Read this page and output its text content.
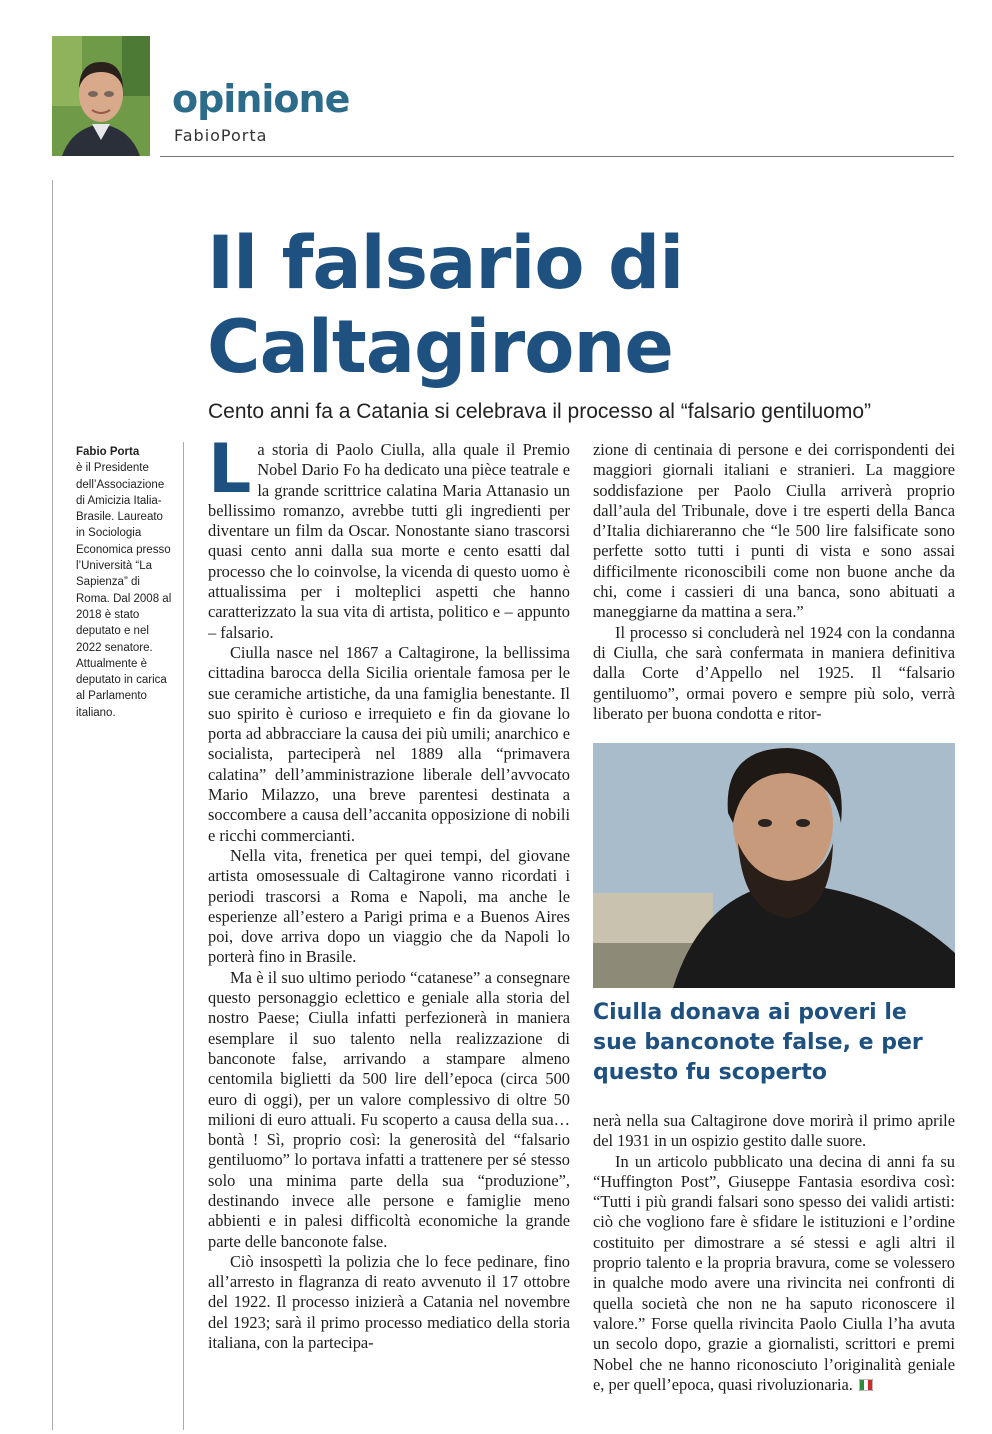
opinione
FabioPorta
Il falsario di
Caltagirone
Cento anni fa a Catania si celebrava il processo al “falsario gentiluomo”
Fabio Porta
è il Presidente dell’Associazione di Amicizia Italia-Brasile. Laureato in Sociologia Economica presso l’Università “La Sapienza” di Roma. Dal 2008 al 2018 è stato deputato e nel 2022 senatore. Attualmente è deputato in carica al Parlamento italiano.

La storia di Paolo Ciulla, alla quale il Premio Nobel Dario Fo ha dedicato una pièce teatrale e la grande scrittrice calatina Maria Attanasio un bellissimo romanzo, avrebbe tutti gli ingredienti per diventare un film da Oscar. Nonostante siano trascorsi quasi cento anni dalla sua morte e cento esatti dal processo che lo coinvolse, la vicenda di questo uomo è attualissima per i molteplici aspetti che hanno caratterizzato la sua vita di artista, politico e – appunto – falsario.

Ciulla nasce nel 1867 a Caltagirone, la bellissima cittadina barocca della Sicilia orientale famosa per le sue ceramiche artistiche, da una famiglia benestante. Il suo spirito è curioso e irrequieto e fin da giovane lo porta ad abbracciare la causa dei più umili; anarchico e socialista, parteciperà nel 1889 alla “primavera calatina” dell’amministrazione liberale dell’avvocato Mario Milazzo, una breve parentesi destinata a soccombere a causa dell’accanita opposizione di nobili e ricchi commercianti.

Nella vita, frenetica per quei tempi, del giovane artista omosessuale di Caltagirone vanno ricordati i periodi trascorsi a Roma e Napoli, ma anche le esperienze all’estero a Parigi prima e a Buenos Aires poi, dove arriva dopo un viaggio che da Napoli lo porterà fino in Brasile.

Ma è il suo ultimo periodo “catanese” a consegnare questo personaggio eclettico e geniale alla storia del nostro Paese; Ciulla infatti perfezionerà in maniera esemplare il suo talento nella realizzazione di banconote false, arrivando a stampare almeno centomila biglietti da 500 lire dell’epoca (circa 500 euro di oggi), per un valore complessivo di oltre 50 milioni di euro attuali. Fu scoperto a causa della sua… bontà ! Sì, proprio così: la generosità del “falsario gentiluomo” lo portava infatti a trattenere per sé stesso solo una minima parte della sua “produzione”, destinando invece alle persone e famiglie meno abbienti e in palesi difficoltà economiche la grande parte delle banconote false.

Ciò insospettì la polizia che lo fece pedinare, fino all’arresto in flagranza di reato avvenuto il 17 ottobre del 1922. Il processo inizierà a Catania nel novembre del 1923; sarà il primo processo mediatico della storia italiana, con la partecipa-

zione di centinaia di persone e dei corrispondenti dei maggiori giornali italiani e stranieri. La maggiore soddisfazione per Paolo Ciulla arriverà proprio dall’aula del Tribunale, dove i tre esperti della Banca d’Italia dichiareranno che “le 500 lire falsificate sono perfette sotto tutti i punti di vista e sono assai difficilmente riconoscibili come non buone anche da chi, come i cassieri di una banca, sono abituati a maneggiarne da mattina a sera.”

Il processo si concluderà nel 1924 con la condanna di Ciulla, che sarà confermata in maniera definitiva dalla Corte d’Appello nel 1925. Il “falsario gentiluomo”, ormai povero e sempre più solo, verrà liberato per buona condotta e ritor-

Ciulla donava ai poveri le sue banconote false, e per questo fu scoperto

nerà nella sua Caltagirone dove morirà il primo aprile del 1931 in un ospizio gestito dalle suore.

In un articolo pubblicato una decina di anni fa su “Huffington Post”, Giuseppe Fantasia esordiva così: “Tutti i più grandi falsari sono spesso dei validi artisti: ciò che vogliono fare è sfidare le istituzioni e l’ordine costituito per dimostrare a sé stessi e agli altri il proprio talento e la propria bravura, come se volessero in qualche modo avere una rivincita nei confronti di quella società che non ne ha saputo riconoscere il valore.” Forse quella rivincita Paolo Ciulla l’ha avuta un secolo dopo, grazie a giornalisti, scrittori e premi Nobel che ne hanno riconosciuto l’originalità geniale e, per quell’epoca, quasi rivoluzionaria.
